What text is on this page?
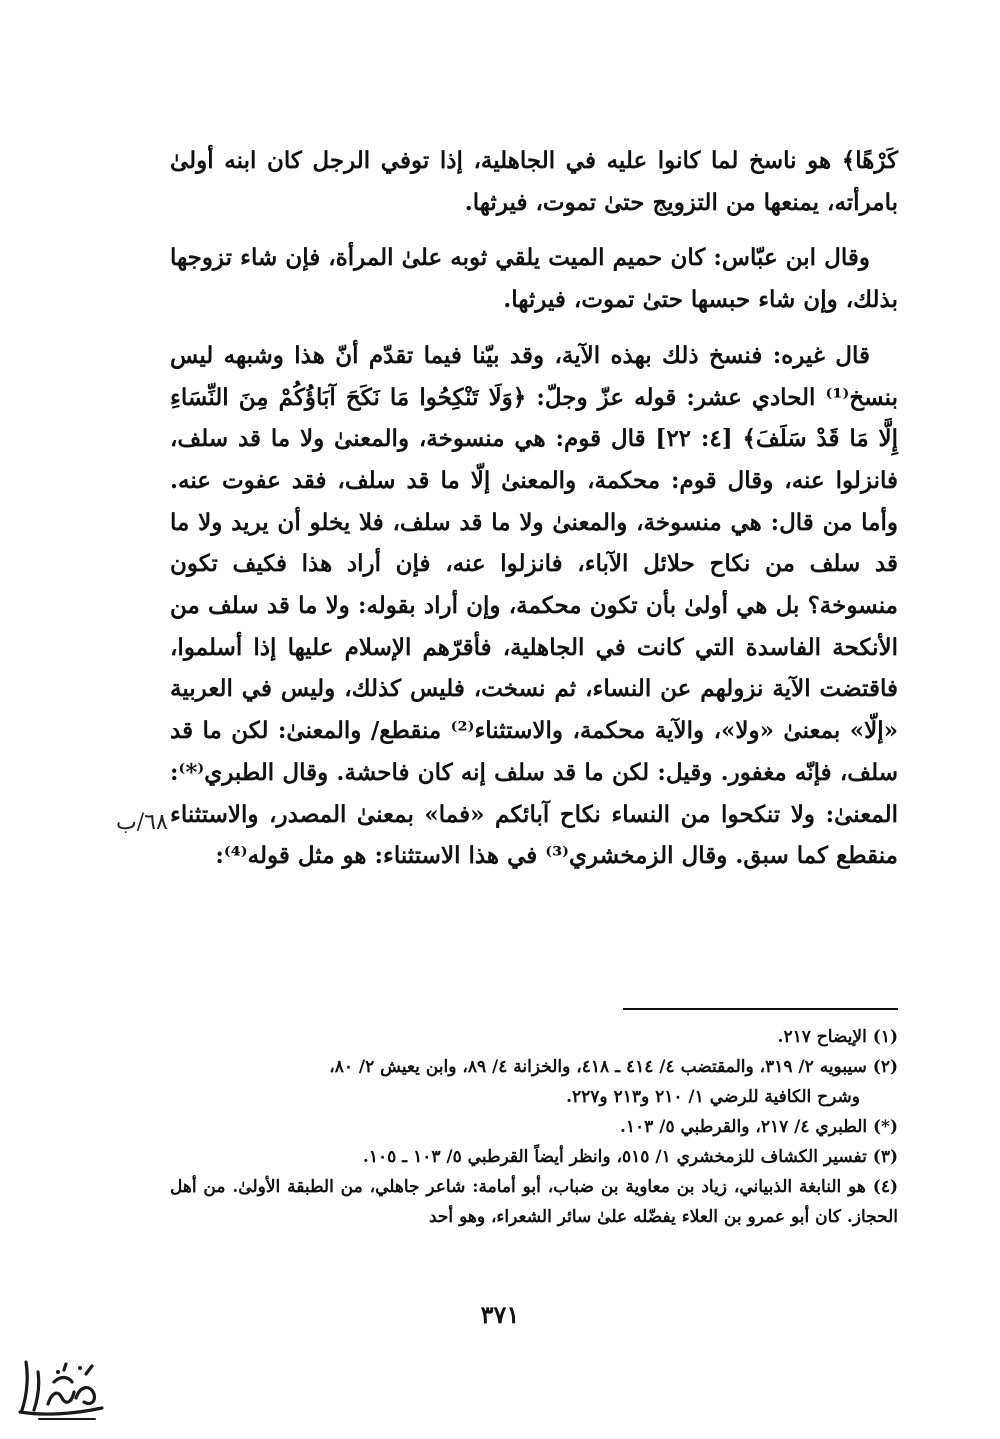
كَرْهًا﴾ هو ناسخ لما كانوا عليه في الجاهلية، إذا توفي الرجل كان ابنه أولىٰ بامرأته، يمنعها من التزويج حتىٰ تموت، فيرثها.

وقال ابن عبّاس: كان حميم الميت يلقي ثوبه علىٰ المرأة، فإن شاء تزوجها بذلك، وإن شاء حبسها حتىٰ تموت، فيرثها.

قال غيره: فنسخ ذلك بهذه الآية، وقد بيّنا فيما تقدّم أنّ هذا وشبهه ليس بنسخ⁽¹⁾ الحادي عشر: قوله عزّ وجلّ: ﴿وَلَا تَنْكِحُوا مَا نَكَحَ آبَاؤُكُمْ مِنَ النِّسَاءِ إِلَّا مَا قَدْ سَلَفَ﴾ [٤: ٢٢] قال قوم: هي منسوخة، والمعنىٰ ولا ما قد سلف، فانزلوا عنه، وقال قوم: محكمة، والمعنىٰ إلّا ما قد سلف، فقد عفوت عنه. وأما من قال: هي منسوخة، والمعنىٰ ولا ما قد سلف، فلا يخلو أن يريد ولا ما قد سلف من نكاح حلائل الآباء، فانزلوا عنه، فإن أراد هذا فكيف تكون منسوخة؟ بل هي أولىٰ بأن تكون محكمة، وإن أراد بقوله: ولا ما قد سلف من الأنكحة الفاسدة التي كانت في الجاهلية، فأقرّهم الإسلام عليها إذا أسلموا، فاقتضت الآية نزولهم عن النساء، ثم نسخت، فليس كذلك، وليس في العربية «إلّا» بمعنىٰ «ولا»، والآية محكمة، والاستثناء⁽²⁾ منقطع/ والمعنىٰ: لكن ما قد سلف، فإنّه مغفور. وقيل: لكن ما قد سلف إنه كان فاحشة. وقال الطبري⁽*⁾: المعنىٰ: ولا تنكحوا من النساء نكاح آبائكم «فما» بمعنىٰ المصدر، والاستثناء منقطع كما سبق. وقال الزمخشري⁽³⁾ في هذا الاستثناء: هو مثل قوله⁽⁴⁾:

٦٨/ب

(١) الإيضاح ٢١٧.

(٢) سيبويه ٢/ ٣١٩، والمقتضب ٤/ ٤١٤ ـ ٤١٨، والخزانة ٤/ ٨٩، وابن يعيش ٢/ ٨٠،

وشرح الكافية للرضي ١/ ٢١٠ و٢١٣ و٢٢٧.

(*) الطبري ٤/ ٢١٧، والقرطبي ٥/ ١٠٣.

(٣) تفسير الكشاف للزمخشري ١/ ٥١٥، وانظر أيضاً القرطبي ٥/ ١٠٣ ـ ١٠٥.

(٤) هو النابغة الذبياني، زياد بن معاوية بن ضباب، أبو أمامة: شاعر جاهلي، من الطبقة الأولىٰ. من أهل الحجاز. كان أبو عمرو بن العلاء يفضّله علىٰ سائر الشعراء، وهو أحد

٣٧١
